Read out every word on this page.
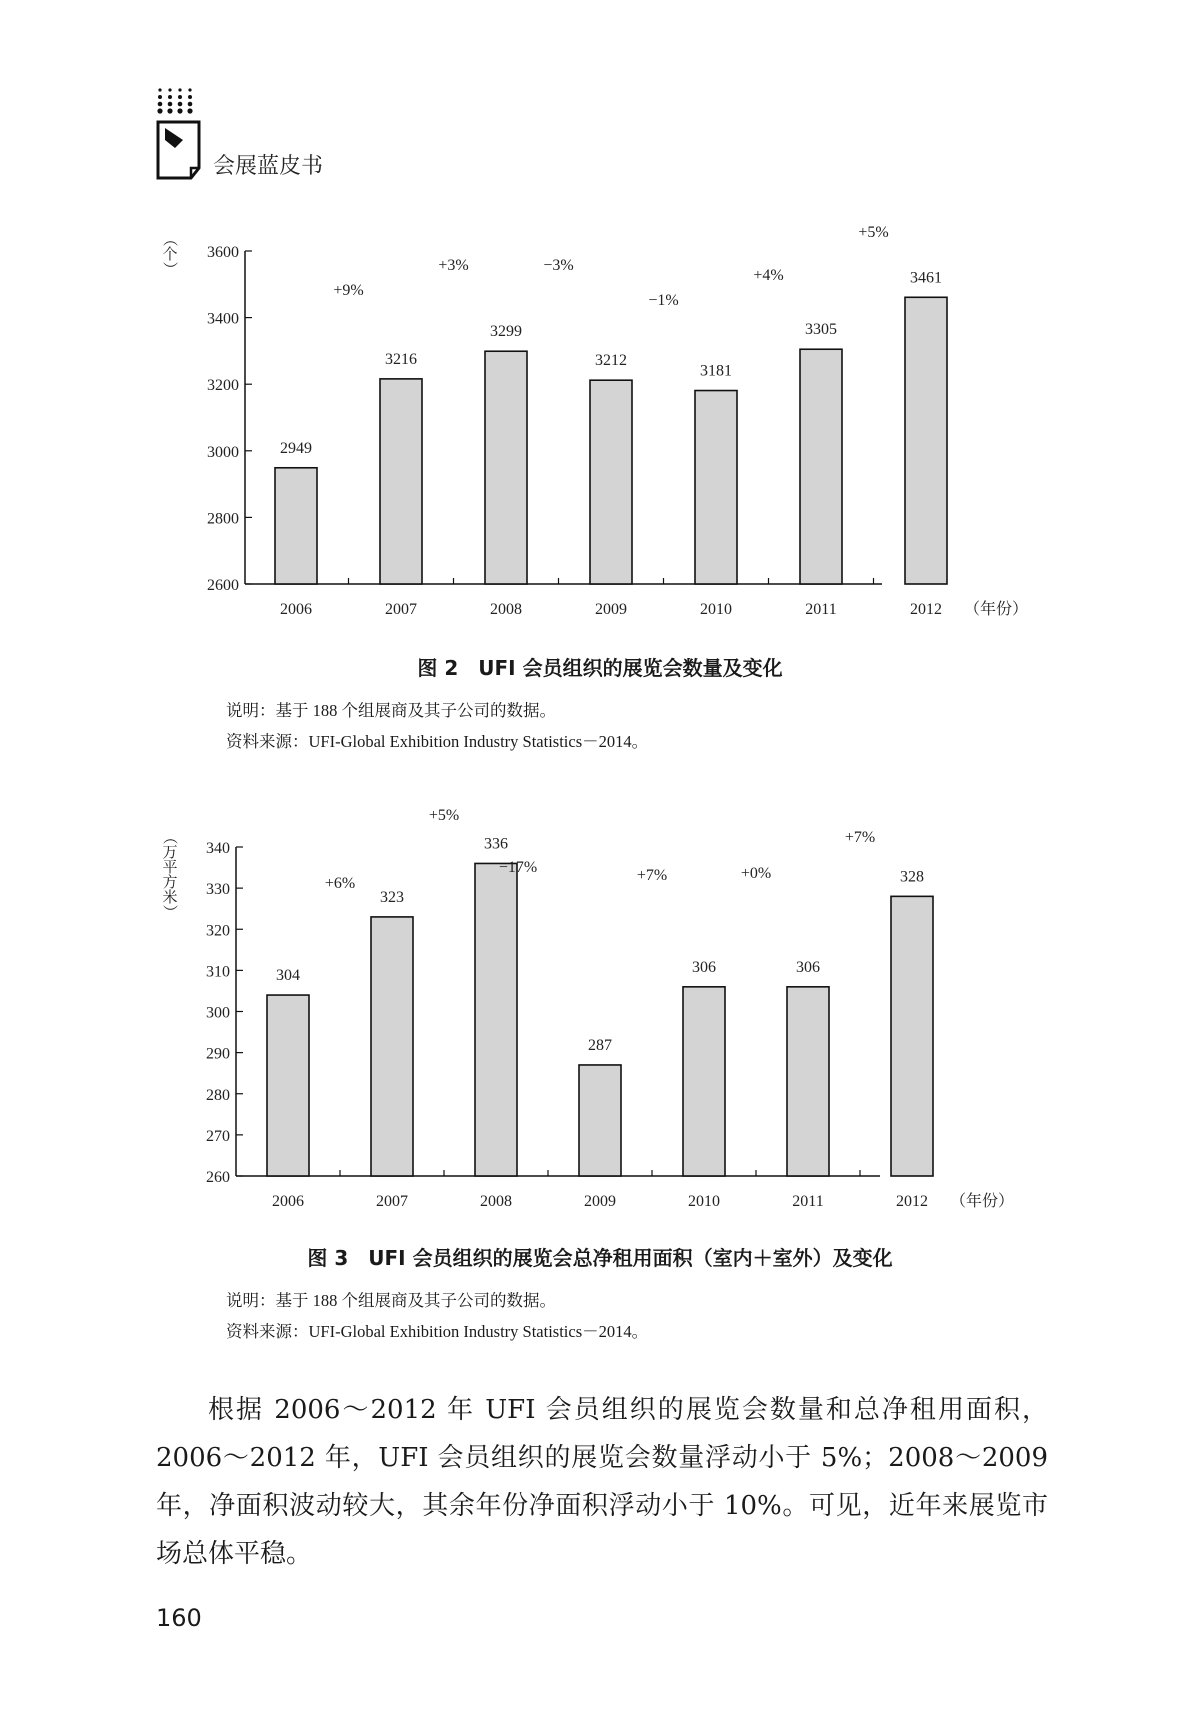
会展蓝皮书
2600
2800
3000
3200
3400
3600
（
个
）
2949
2006
3216
2007
3299
2008
3212
2009
3181
2010
3305
2011
3461
2012 （年份）
+9%
+3%	−3%
−1%
+4%
+5%
图 2　UFI 会员组织的展览会数量及变化
说明：基于 188 个组展商及其子公司的数据。
资料来源：UFI-Global Exhibition Industry Statistics－2014。
260
270
280
290
300
310
320
330
340
（
万
平
方
米
）
304
2006
323
2007
336
2008
287
2009
306
2010
306
2011
328
2012 （年份）
+6%
+5%
−17%	+7%	+0%
+7%
图 3　UFI 会员组织的展览会总净租用面积（室内＋室外）及变化
说明：基于 188 个组展商及其子公司的数据。
资料来源：UFI-Global Exhibition Industry Statistics－2014。

根据 2006～2012 年 UFI 会员组织的展览会数量和总净租用面积，2006～2012 年，UFI 会员组织的展览会数量浮动小于 5%；2008～2009 年，净面积波动较大，其余年份净面积浮动小于 10%。可见，近年来展览市场总体平稳。

160
